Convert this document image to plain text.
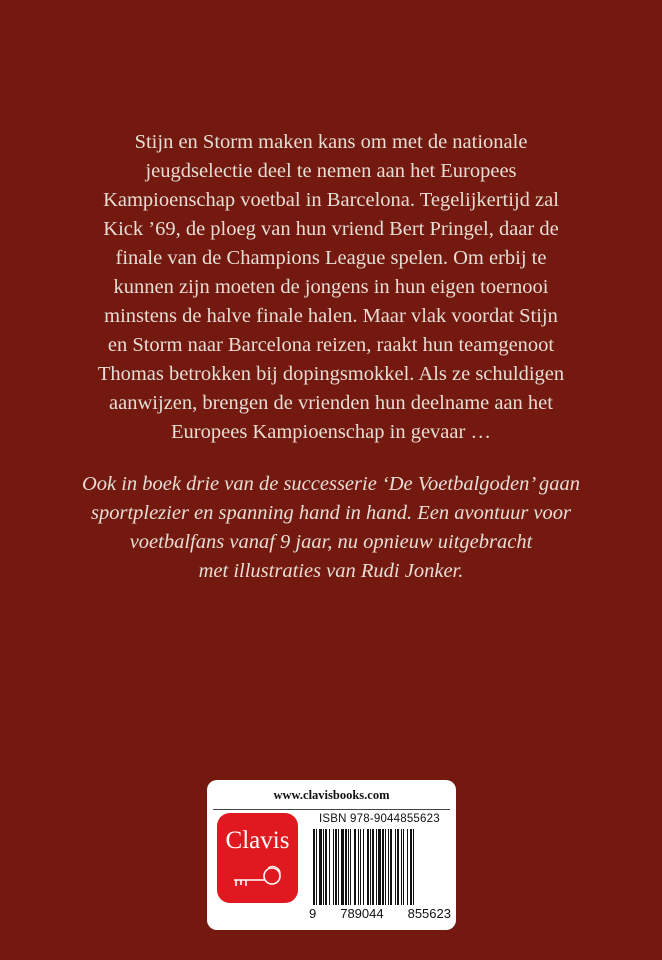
Stijn en Storm maken kans om met de nationale
jeugdselectie deel te nemen aan het Europees
Kampioenschap voetbal in Barcelona. Tegelijkertijd zal
Kick ’69, de ploeg van hun vriend Bert Pringel, daar de
finale van de Champions League spelen. Om erbij te
kunnen zijn moeten de jongens in hun eigen toernooi
minstens de halve finale halen. Maar vlak voordat Stijn
en Storm naar Barcelona reizen, raakt hun teamgenoot
Thomas betrokken bij dopingsmokkel. Als ze schuldigen
aanwijzen, brengen de vrienden hun deelname aan het
Europees Kampioenschap in gevaar …

Ook in boek drie van de successerie ‘De Voetbalgoden’ gaan
sportplezier en spanning hand in hand. Een avontuur voor
voetbalfans vanaf 9 jaar, nu opnieuw uitgebracht
met illustraties van Rudi Jonker.

www.clavisbooks.com
Clavis
ISBN 978-9044855623
9 789044 855623
